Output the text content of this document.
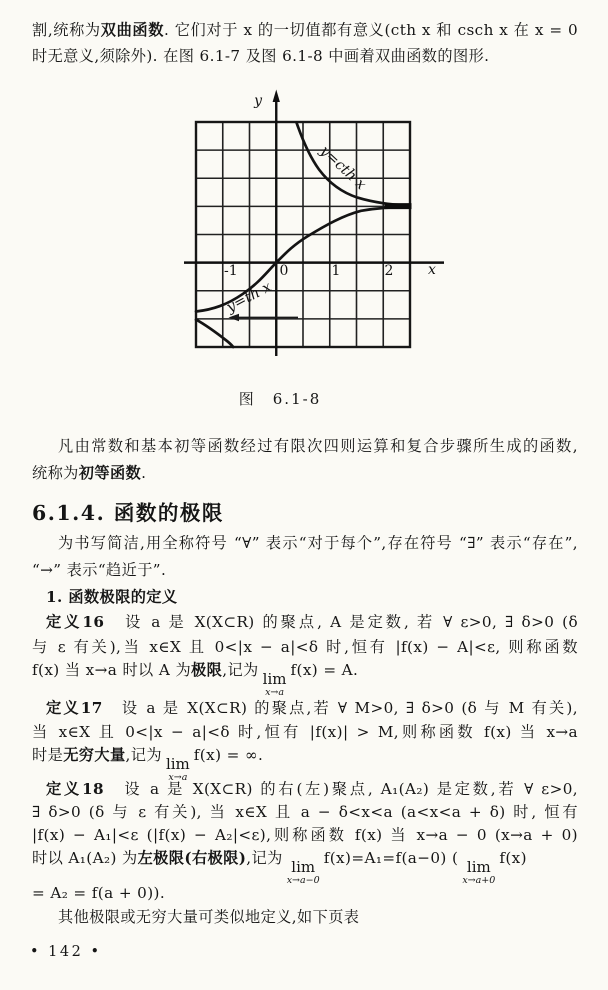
割,统称为双曲函数. 它们对于 x 的一切值都有意义(cth x 和 csch x 在 x = 0
时无意义,须除外). 在图 6.1-7 及图 6.1-8 中画着双曲函数的图形.
y
x
-1	0	1	2
y=cth x
y=th x
图　6.1-8
凡由常数和基本初等函数经过有限次四则运算和复合步骤所生成的函数,
统称为初等函数.
6.1.4. 函数的极限
为书写简洁,用全称符号 “∀” 表示“对于每个”,存在符号 “∃” 表示“存在”,
“→” 表示“趋近于”.
1. 函数极限的定义
定义16　设 a 是 X(X⊂R) 的聚点, A 是定数, 若 ∀ ε>0, ∃ δ>0 (δ
与 ε 有关),当 x∈X 且 0<|x − a|<δ 时,恒有 |f(x) − A|<ε, 则称函数
f(x) 当 x→a 时以 A 为极限,记为 lim
x→a
f(x) = A.
定义17　设 a 是 X(X⊂R) 的聚点,若 ∀ M>0, ∃ δ>0 (δ 与 M 有关),
当 x∈X 且 0<|x − a|<δ 时,恒有 |f(x)| > M,则称函数 f(x) 当 x→a
时是无穷大量,记为 lim
x→a
f(x) = ∞.
定义18　设 a 是 X(X⊂R) 的右(左)聚点, A₁(A₂) 是定数,若 ∀ ε>0,
∃ δ>0 (δ 与 ε 有关), 当 x∈X 且 a − δ<x<a (a<x<a + δ) 时, 恒有
|f(x) − A₁|<ε (|f(x) − A₂|<ε),则称函数 f(x) 当 x→a − 0 (x→a + 0)
时以 A₁(A₂) 为左极限(右极限),记为 lim
x→a−0
f(x)=A₁=f(a−0) ( lim
x→a+0
f(x)
= A₂ = f(a + 0)).
其他极限或无穷大量可类似地定义,如下页表
• 142 •
